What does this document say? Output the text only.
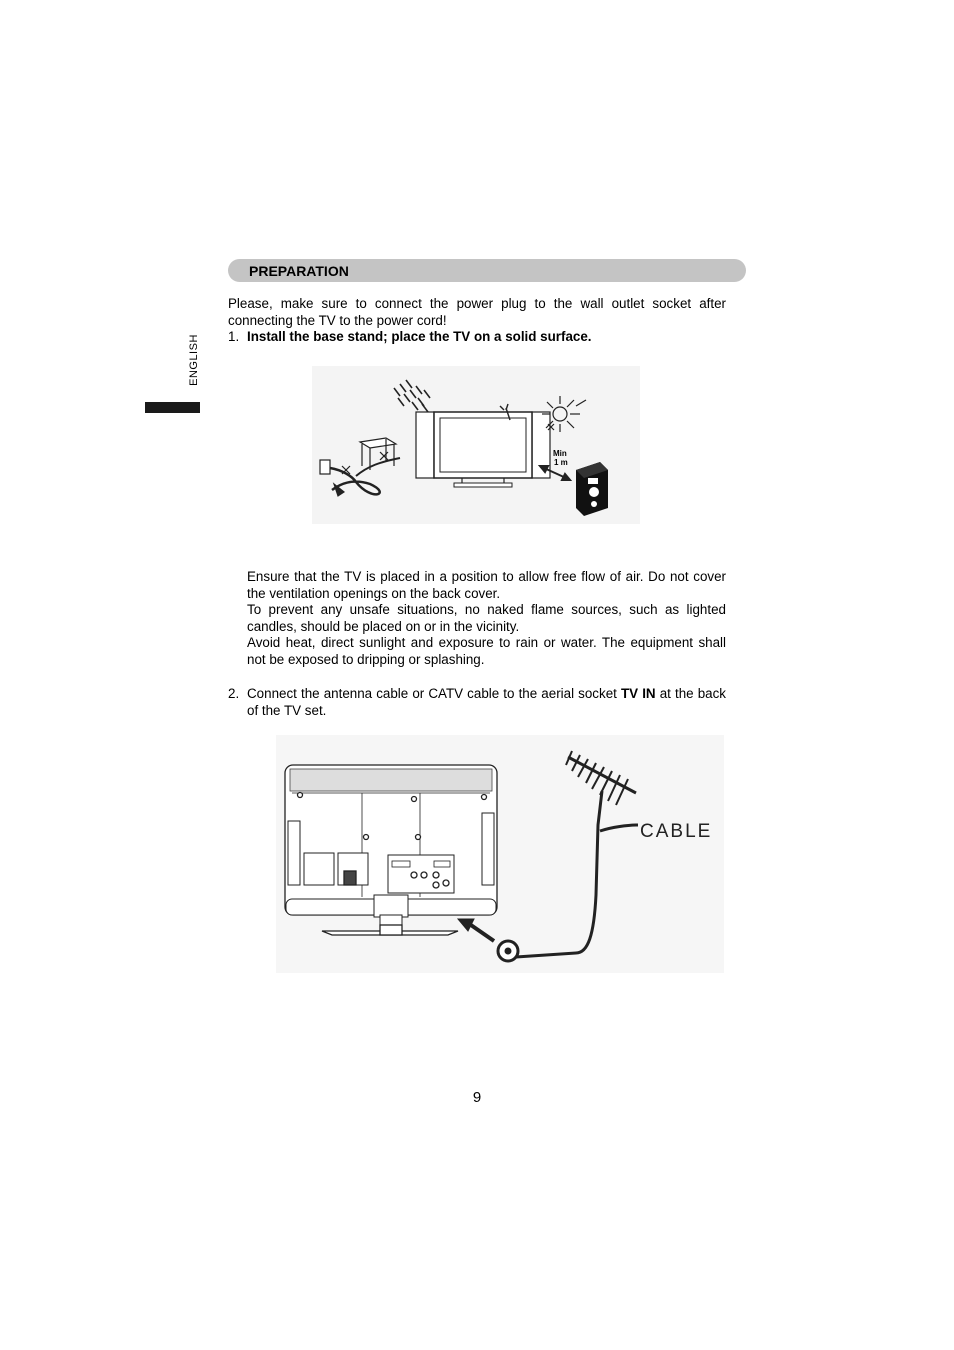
PREPARATION
ENGLISH
Please, make sure to connect the power plug to the wall outlet socket after connecting the TV to the power cord!
1. Install the base stand; place the TV on a solid surface.
Min
1 m
Ensure that the TV is placed in a position to allow free flow of air. Do not cover the ventilation openings on the back cover.
To prevent any unsafe situations, no naked flame sources, such as lighted candles, should be placed on or in the vicinity.
Avoid heat, direct sunlight and exposure to rain or water. The equipment shall not be exposed to dripping or splashing.
2. Connect the antenna cable or CATV cable to the aerial socket TV IN at the back of the TV set.
CABLE
9
